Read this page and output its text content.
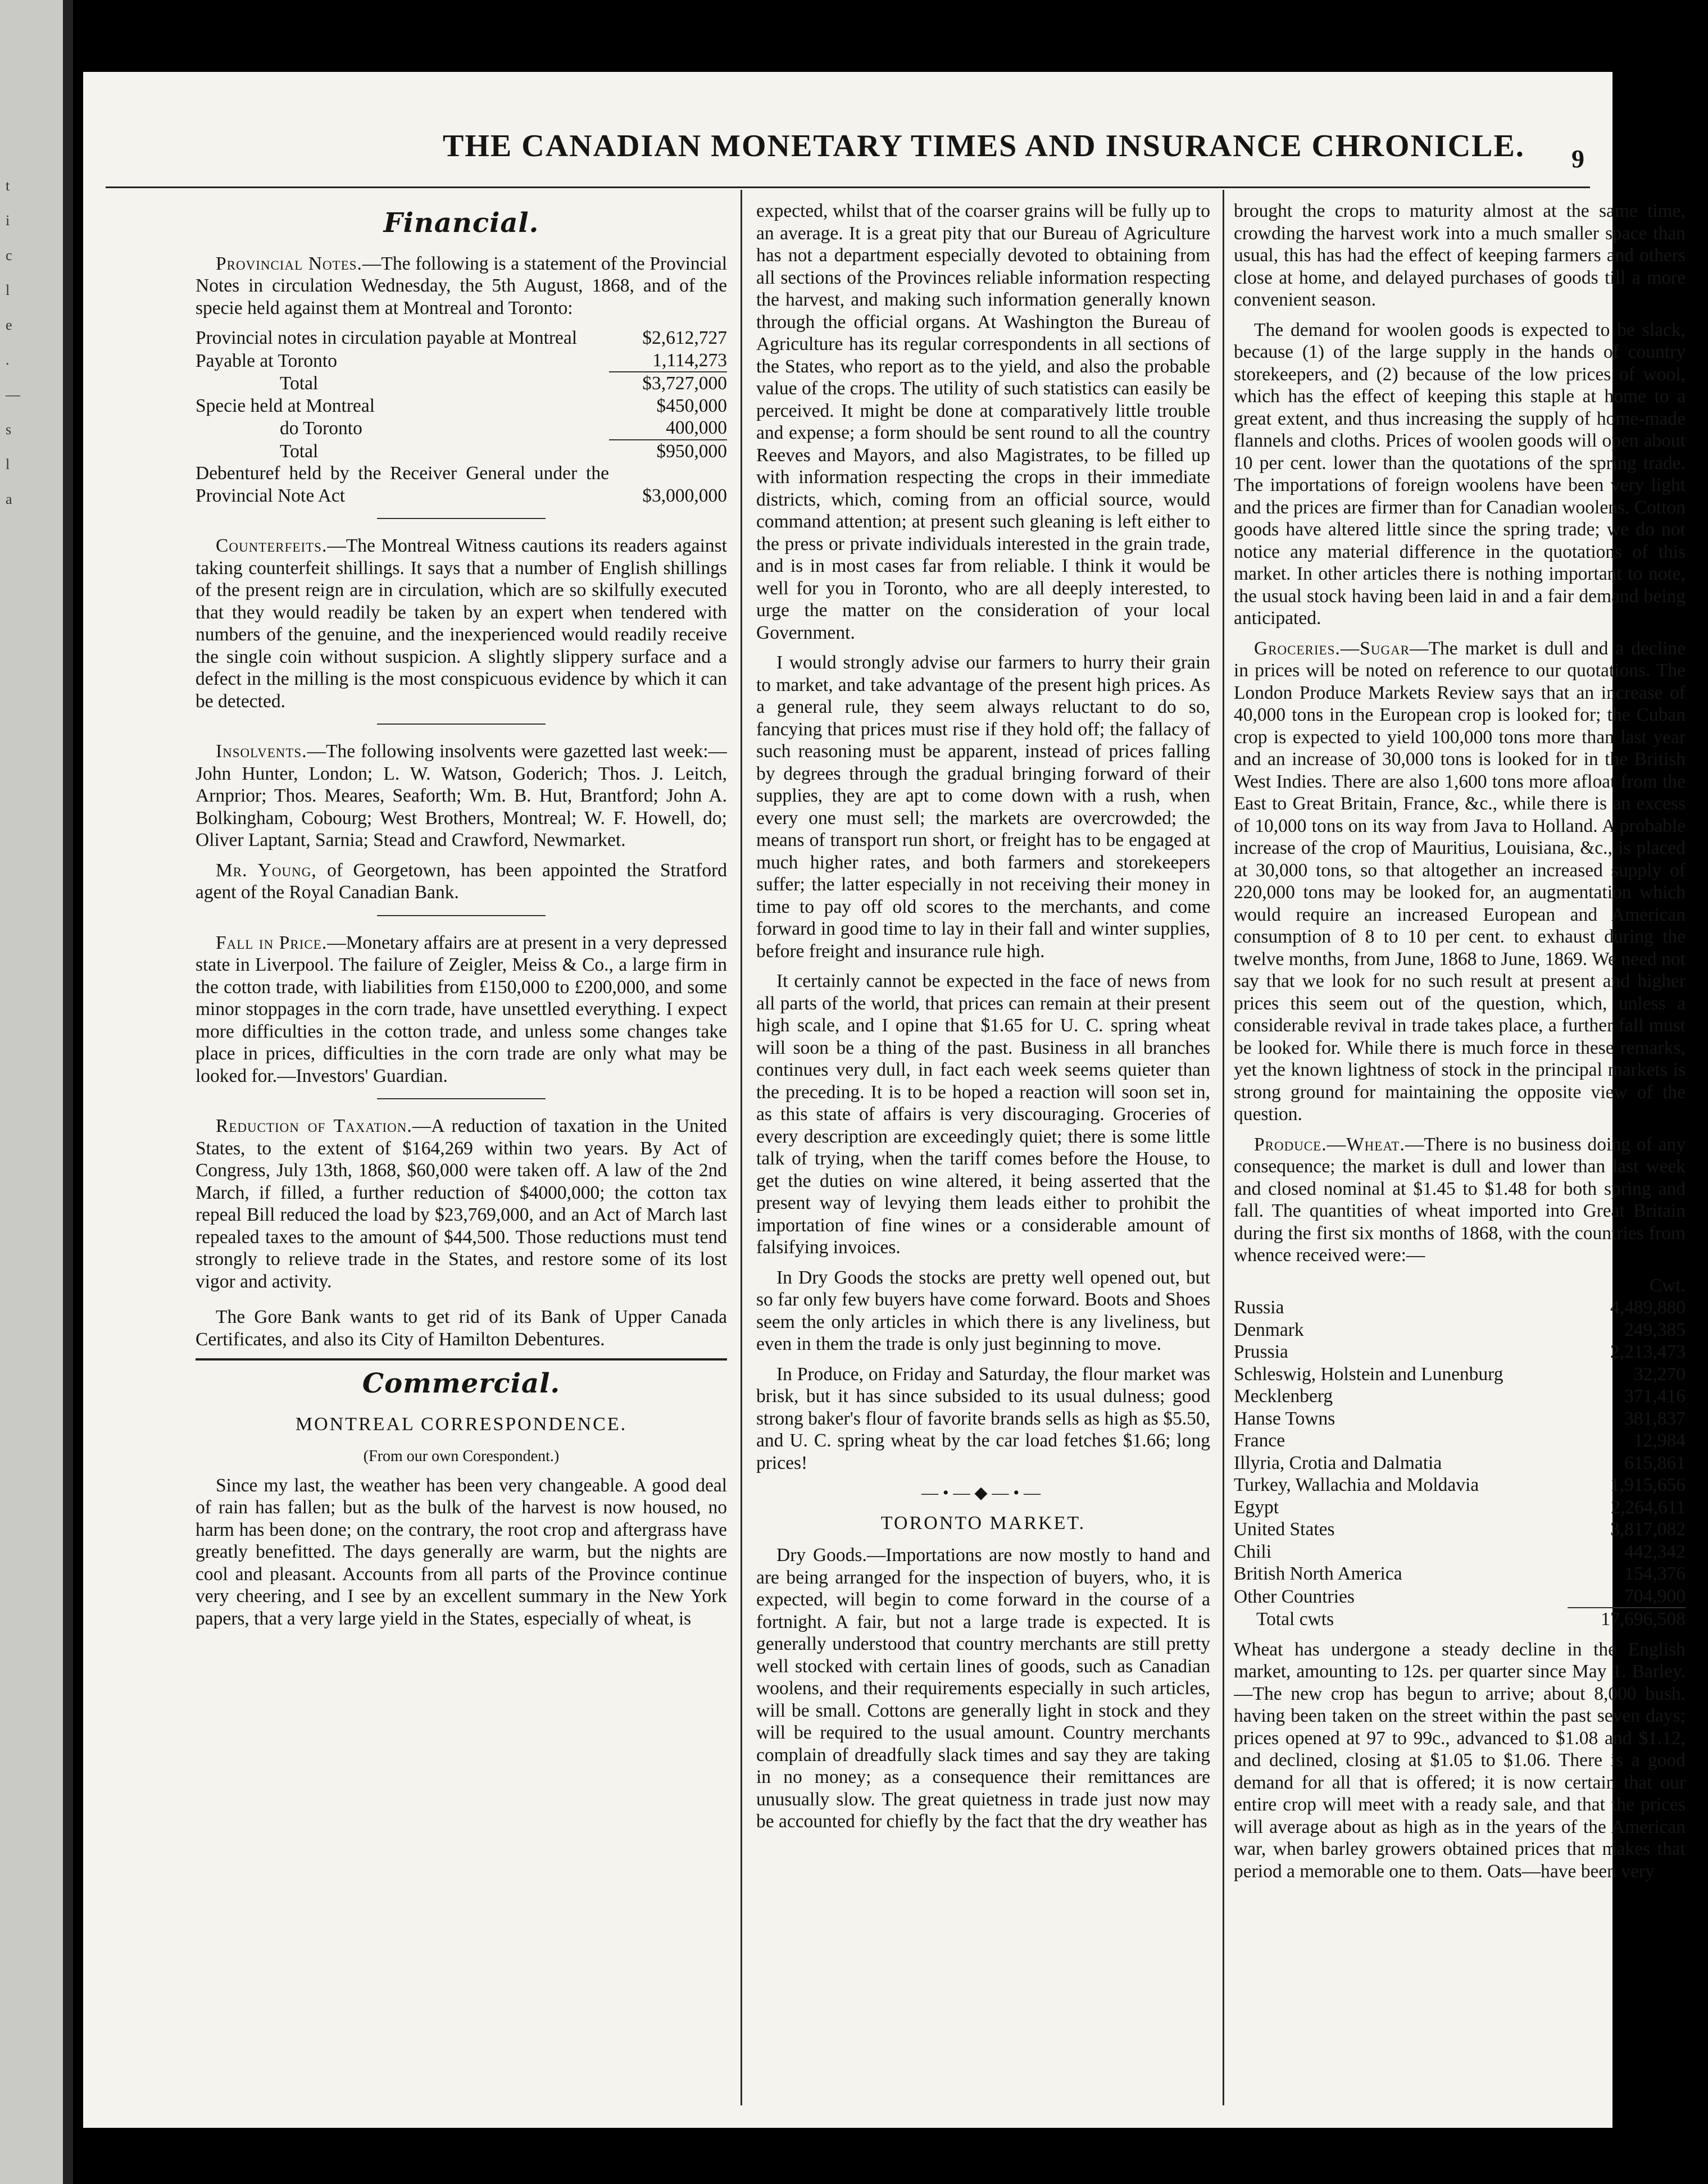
t
i
c
l
e
.
—
s
l
a
THE CANADIAN MONETARY TIMES AND INSURANCE CHRONICLE. 9
Financial.

Provincial Notes.—The following is a statement of the Provincial Notes in circulation Wednesday, the 5th August, 1868, and of the specie held against them at Montreal and Toronto:

Provincial notes in circulation payable at Montreal	$2,612,727
Payable at Toronto	1,114,273
Total	$3,727,000
Specie held at Montreal	$450,000
do Toronto	400,000
Total	$950,000
Debenturef held by the Receiver General under the Provincial Note Act	$3,000,000

Counterfeits.—The Montreal Witness cautions its readers against taking counterfeit shillings. It says that a number of English shillings of the present reign are in circulation, which are so skilfully executed that they would readily be taken by an expert when tendered with numbers of the genuine, and the inexperienced would readily receive the single coin without suspicion. A slightly slippery surface and a defect in the milling is the most conspicuous evidence by which it can be detected.

Insolvents.—The following insolvents were gazetted last week:—John Hunter, London; L. W. Watson, Goderich; Thos. J. Leitch, Arnprior; Thos. Meares, Seaforth; Wm. B. Hut, Brantford; John A. Bolkingham, Cobourg; West Brothers, Montreal; W. F. Howell, do; Oliver Laptant, Sarnia; Stead and Crawford, Newmarket.

Mr. Young, of Georgetown, has been appointed the Stratford agent of the Royal Canadian Bank.

Fall in Price.—Monetary affairs are at present in a very depressed state in Liverpool. The failure of Zeigler, Meiss & Co., a large firm in the cotton trade, with liabilities from £150,000 to £200,000, and some minor stoppages in the corn trade, have unsettled everything. I expect more difficulties in the cotton trade, and unless some changes take place in prices, difficulties in the corn trade are only what may be looked for.—Investors' Guardian.

Reduction of Taxation.—A reduction of taxation in the United States, to the extent of $164,269 within two years. By Act of Congress, July 13th, 1868, $60,000 were taken off. A law of the 2nd March, if filled, a further reduction of $4000,000; the cotton tax repeal Bill reduced the load by $23,769,000, and an Act of March last repealed taxes to the amount of $44,500. Those reductions must tend strongly to relieve trade in the States, and restore some of its lost vigor and activity.

The Gore Bank wants to get rid of its Bank of Upper Canada Certificates, and also its City of Hamilton Debentures.

Commercial.
MONTREAL CORRESPONDENCE.
(From our own Corespondent.)

Since my last, the weather has been very changeable. A good deal of rain has fallen; but as the bulk of the harvest is now housed, no harm has been done; on the contrary, the root crop and aftergrass have greatly benefitted. The days generally are warm, but the nights are cool and pleasant. Accounts from all parts of the Province continue very cheering, and I see by an excellent summary in the New York papers, that a very large yield in the States, especially of wheat, is

expected, whilst that of the coarser grains will be fully up to an average. It is a great pity that our Bureau of Agriculture has not a department especially devoted to obtaining from all sections of the Provinces reliable information respecting the harvest, and making such information generally known through the official organs. At Washington the Bureau of Agriculture has its regular correspondents in all sections of the States, who report as to the yield, and also the probable value of the crops. The utility of such statistics can easily be perceived. It might be done at comparatively little trouble and expense; a form should be sent round to all the country Reeves and Mayors, and also Magistrates, to be filled up with information respecting the crops in their immediate districts, which, coming from an official source, would command attention; at present such gleaning is left either to the press or private individuals interested in the grain trade, and is in most cases far from reliable. I think it would be well for you in Toronto, who are all deeply interested, to urge the matter on the consideration of your local Government.

I would strongly advise our farmers to hurry their grain to market, and take advantage of the present high prices. As a general rule, they seem always reluctant to do so, fancying that prices must rise if they hold off; the fallacy of such reasoning must be apparent, instead of prices falling by degrees through the gradual bringing forward of their supplies, they are apt to come down with a rush, when every one must sell; the markets are overcrowded; the means of transport run short, or freight has to be engaged at much higher rates, and both farmers and storekeepers suffer; the latter especially in not receiving their money in time to pay off old scores to the merchants, and come forward in good time to lay in their fall and winter supplies, before freight and insurance rule high.

It certainly cannot be expected in the face of news from all parts of the world, that prices can remain at their present high scale, and I opine that $1.65 for U. C. spring wheat will soon be a thing of the past. Business in all branches continues very dull, in fact each week seems quieter than the preceding. It is to be hoped a reaction will soon set in, as this state of affairs is very discouraging. Groceries of every description are exceedingly quiet; there is some little talk of trying, when the tariff comes before the House, to get the duties on wine altered, it being asserted that the present way of levying them leads either to prohibit the importation of fine wines or a considerable amount of falsifying invoices.

In Dry Goods the stocks are pretty well opened out, but so far only few buyers have come forward. Boots and Shoes seem the only articles in which there is any liveliness, but even in them the trade is only just beginning to move.

In Produce, on Friday and Saturday, the flour market was brisk, but it has since subsided to its usual dulness; good strong baker's flour of favorite brands sells as high as $5.50, and U. C. spring wheat by the car load fetches $1.66; long prices!

—•—◆—•—
TORONTO MARKET.

Dry Goods.—Importations are now mostly to hand and are being arranged for the inspection of buyers, who, it is expected, will begin to come forward in the course of a fortnight. A fair, but not a large trade is expected. It is generally understood that country merchants are still pretty well stocked with certain lines of goods, such as Canadian woolens, and their requirements especially in such articles, will be small. Cottons are generally light in stock and they will be required to the usual amount. Country merchants complain of dreadfully slack times and say they are taking in no money; as a consequence their remittances are unusually slow. The great quietness in trade just now may be accounted for chiefly by the fact that the dry weather has

brought the crops to maturity almost at the same time, crowding the harvest work into a much smaller space than usual, this has had the effect of keeping farmers and others close at home, and delayed purchases of goods till a more convenient season.

The demand for woolen goods is expected to be slack, because (1) of the large supply in the hands of country storekeepers, and (2) because of the low prices of wool, which has the effect of keeping this staple at home to a great extent, and thus increasing the supply of home-made flannels and cloths. Prices of woolen goods will open about 10 per cent. lower than the quotations of the spring trade. The importations of foreign woolens have been very light and the prices are firmer than for Canadian woolens. Cotton goods have altered little since the spring trade; we do not notice any material difference in the quotations of this market. In other articles there is nothing important to note, the usual stock having been laid in and a fair demand being anticipated.

Groceries.—Sugar—The market is dull and a decline in prices will be noted on reference to our quotations. The London Produce Markets Review says that an increase of 40,000 tons in the European crop is looked for; the Cuban crop is expected to yield 100,000 tons more than last year and an increase of 30,000 tons is looked for in the British West Indies. There are also 1,600 tons more afloat from the East to Great Britain, France, &c., while there is an excess of 10,000 tons on its way from Java to Holland. A probable increase of the crop of Mauritius, Louisiana, &c., is placed at 30,000 tons, so that altogether an increased supply of 220,000 tons may be looked for, an augmentation which would require an increased European and American consumption of 8 to 10 per cent. to exhaust during the twelve months, from June, 1868 to June, 1869. We need not say that we look for no such result at present and higher prices this seem out of the question, which, unless a considerable revival in trade takes place, a further fall must be looked for. While there is much force in these remarks, yet the known lightness of stock in the principal markets is strong ground for maintaining the opposite view of the question.

Produce.—Wheat.—There is no business doing of any consequence; the market is dull and lower than last week and closed nominal at $1.45 to $1.48 for both spring and fall. The quantities of wheat imported into Great Britain during the first six months of 1868, with the countries from whence received were:—

	Cwt.
Russia	4,489,880
Denmark	249,385
Prussia	2,213,473
Schleswig, Holstein and Lunenburg	32,270
Mecklenberg	371,416
Hanse Towns	381,837
France	12,984
Illyria, Crotia and Dalmatia	615,861
Turkey, Wallachia and Moldavia	1,915,656
Egypt	2,264,611
United States	3,817,082
Chili	442,342
British North America	154,376
Other Countries	704,900
Total cwts	17,696,508

Wheat has undergone a steady decline in the English market, amounting to 12s. per quarter since May 1. Barley.—The new crop has begun to arrive; about 8,000 bush. having been taken on the street within the past seven days; prices opened at 97 to 99c., advanced to $1.08 and $1.12, and declined, closing at $1.05 to $1.06. There is a good demand for all that is offered; it is now certain that our entire crop will meet with a ready sale, and that the prices will average about as high as in the years of the American war, when barley growers obtained prices that makes that period a memorable one to them. Oats—have been very
